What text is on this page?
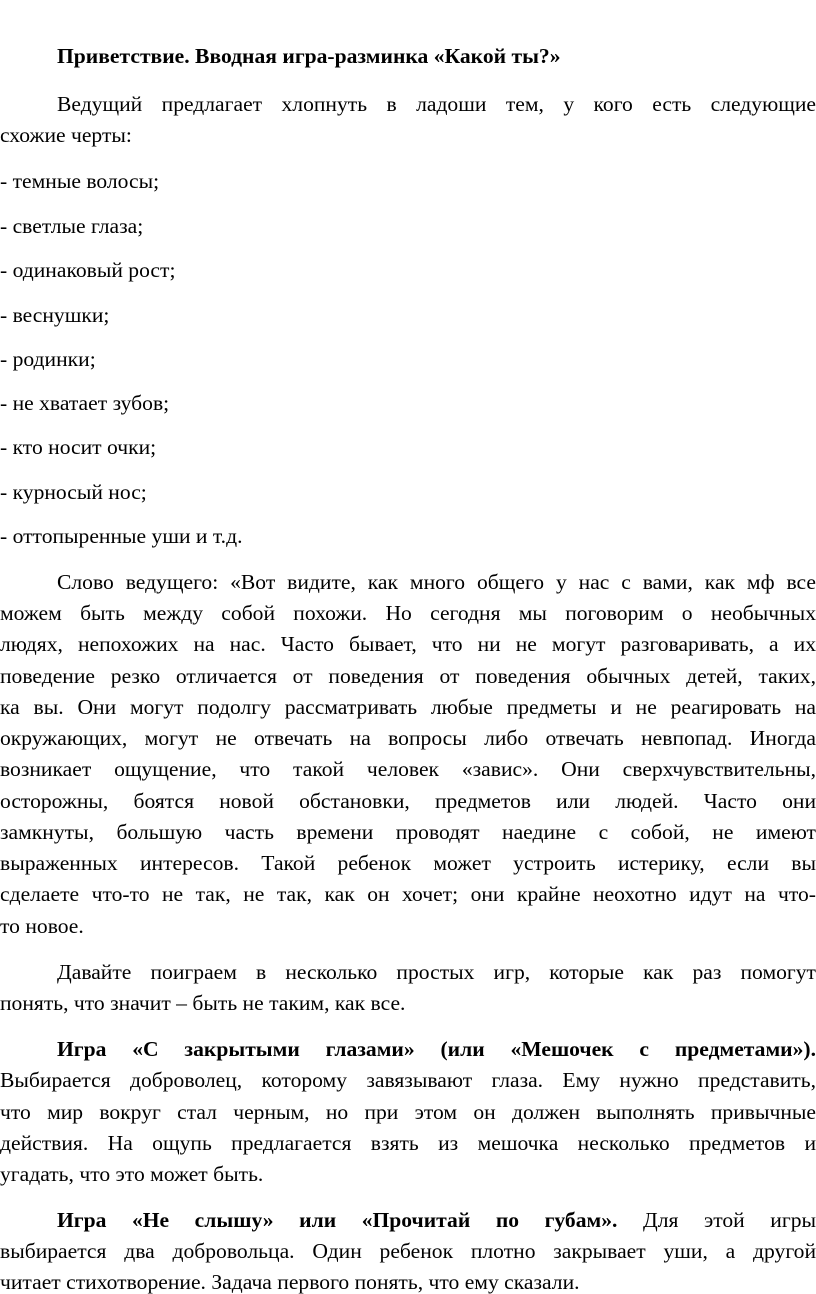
Приветствие. Вводная игра-разминка «Какой ты?»
Ведущий предлагает хлопнуть в ладоши тем, у кого есть следующие
схожие черты:
- темные волосы;
- светлые глаза;
- одинаковый рост;
- веснушки;
- родинки;
- не хватает зубов;
- кто носит очки;
- курносый нос;
- оттопыренные уши и т.д.
Слово ведущего: «Вот видите, как много общего у нас с вами, как мф все
можем быть между собой похожи. Но сегодня мы поговорим о необычных
людях, непохожих на нас. Часто бывает, что ни не могут разговаривать, а их
поведение резко отличается от поведения от поведения обычных детей, таких,
ка вы. Они могут подолгу рассматривать любые предметы и не реагировать на
окружающих, могут не отвечать на вопросы либо отвечать невпопад. Иногда
возникает ощущение, что такой человек «завис». Они сверхчувствительны,
осторожны, боятся новой обстановки, предметов или людей. Часто они
замкнуты, большую часть времени проводят наедине с собой, не имеют
выраженных интересов. Такой ребенок может устроить истерику, если вы
сделаете что-то не так, не так, как он хочет; они крайне неохотно идут на что-
то новое.
Давайте поиграем в несколько простых игр, которые как раз помогут
понять, что значит – быть не таким, как все.
Игра «С закрытыми глазами» (или «Мешочек с предметами»).
Выбирается доброволец, которому завязывают глаза. Ему нужно представить,
что мир вокруг стал черным, но при этом он должен выполнять привычные
действия. На ощупь предлагается взять из мешочка несколько предметов и
угадать, что это может быть.
Игра «Не слышу» или «Прочитай по губам». Для этой игры
выбирается два добровольца. Один ребенок плотно закрывает уши, а другой
читает стихотворение. Задача первого понять, что ему сказали.
